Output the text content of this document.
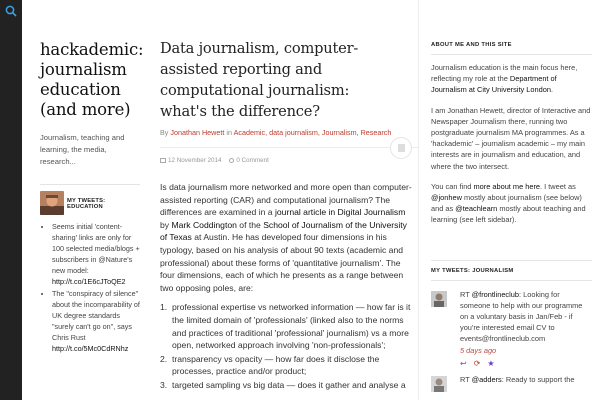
hackademic: journalism education (and more)

Journalism, teaching and learning, the media, research...

MY TWEETS: EDUCATION
• Seems initial 'content-sharing' links are only for 100 selected media/blogs + subscribers in @Nature's new model: http://t.co/1E6cJToQE2
• The "conspiracy of silence" about the incomparability of UK degree standards "surely can't go on", says Chris Rust http://t.co/5Mc0CdRNhz
Data journalism, computer-assisted reporting and computational journalism: what's the difference?
By Jonathan Hewett in Academic, data journalism, Journalism, Research
12 November 2014 0 Comment

Is data journalism more networked and more open than computer-assisted reporting (CAR) and computational journalism? The differences are examined in a journal article in Digital Journalism by Mark Coddington of the School of Journalism of the University of Texas at Austin. He has developed four dimensions in his typology, based on his analysis of about 90 texts (academic and professional) about these forms of 'quantitative journalism'. The four dimensions, each of which he presents as a range between two opposing poles, are:

1. professional expertise vs networked information — how far is it the limited domain of 'professionals' (linked also to the norms and practices of traditional 'professional' journalism) vs a more open, networked approach involving 'non-professionals';
2. transparency vs opacity — how far does it disclose the processes, practice and/or product;
3. targeted sampling vs big data — does it gather and analyse a
ABOUT ME AND THIS SITE

Journalism education is the main focus here, reflecting my role at the Department of Journalism at City University London.

I am Jonathan Hewett, director of Interactive and Newspaper Journalism there, running two postgraduate journalism MA programmes. As a 'hackademic' – journalism academic – my main interests are in journalism and education, and where the two intersect.

You can find more about me here. I tweet as @jonhew mostly about journalism (see below) and as @teachlearn mostly about teaching and learning (see left sidebar).

MY TWEETS: JOURNALISM
RT @frontlineclub: Looking for someone to help with our programme on a voluntary basis in Jan/Feb - if you're interested email CV to events@frontlineclub.com
5 days ago
↩ ⟳ ★
RT @adders: Ready to support the
